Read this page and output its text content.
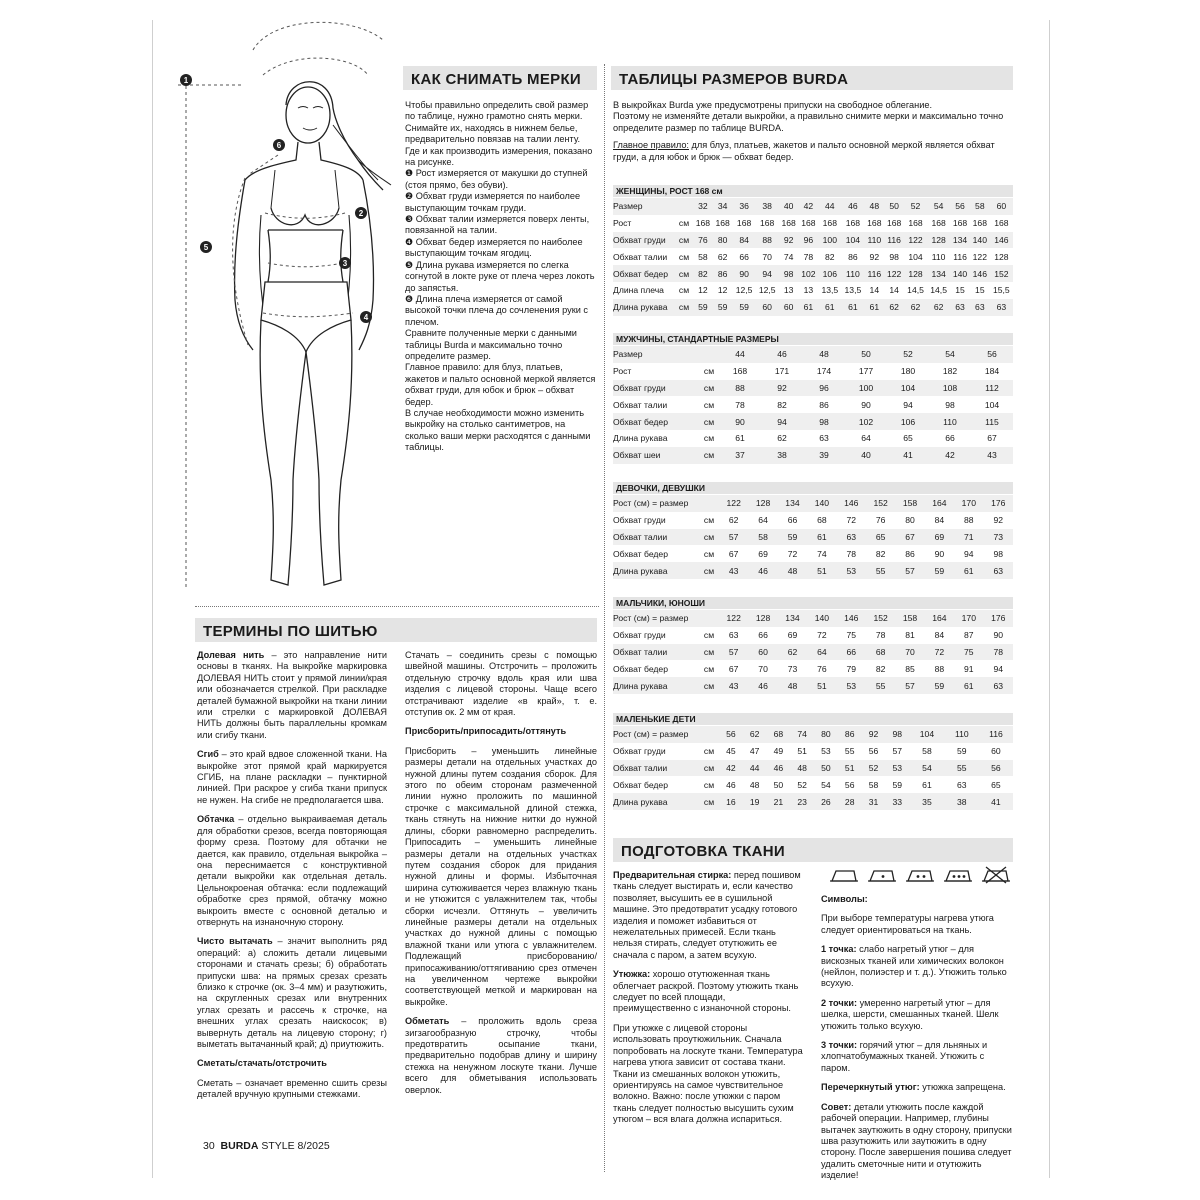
1
2
3
4
5
6
КАК СНИМАТЬ МЕРКИ	ТАБЛИЦЫ РАЗМЕРОВ BURDA
ТЕРМИНЫ ПО ШИТЬЮ
ПОДГОТОВКА ТКАНИ
Чтобы правильно определить свой размер по таблице, нужно грамотно снять мерки. Снимайте их, находясь в нижнем белье, предварительно повязав на талии ленту. Где и как производить измерения, показано на рисунке.
❶ Рост измеряется от макушки до ступней (стоя прямо, без обуви).
❷ Обхват груди измеряется по наиболее выступающим точкам груди.
❸ Обхват талии измеряется поверх ленты, повязанной на талии.
❹ Обхват бедер измеряется по наиболее выступающим точкам ягодиц.
❺ Длина рукава измеряется по слегка согнутой в локте руке от плеча через локоть до запястья.
❻ Длина плеча измеряется от самой высокой точки плеча до сочленения руки с плечом.
Сравните полученные мерки с данными таблицы Burda и максимально точно определите размер.
Главное правило: для блуз, платьев, жакетов и пальто основной меркой является обхват груди, для юбок и брюк – обхват бедер.
В случае необходимости можно изменить выкройку на столько сантиметров, на сколько ваши мерки расходятся с данными таблицы.
В выкройках Burda уже предусмотрены припуски на свободное облегание.
Поэтому не изменяйте детали выкройки, а правильно снимите мерки и максимально точно определите размер по таблице BURDA.
Главное правило: для блуз, платьев, жакетов и пальто основной меркой является обхват груди, а для юбок и брюк — обхват бедер.
ЖЕНЩИНЫ, РОСТ 168 см
Размер		32	34	36	38	40	42	44	46	48	50	52	54	56	58	60
Рост	см	168	168	168	168	168	168	168	168	168	168	168	168	168	168	168
Обхват груди	см	76	80	84	88	92	96	100	104	110	116	122	128	134	140	146
Обхват талии	см	58	62	66	70	74	78	82	86	92	98	104	110	116	122	128
Обхват бедер	см	82	86	90	94	98	102	106	110	116	122	128	134	140	146	152
Длина плеча	см	12	12	12,5	12,5	13	13	13,5	13,5	14	14	14,5	14,5	15	15	15,5
Длина рукава	см	59	59	59	60	60	61	61	61	61	62	62	62	63	63	63
МУЖЧИНЫ, СТАНДАРТНЫЕ РАЗМЕРЫ
Размер		44	46	48	50	52	54	56
Рост	см	168	171	174	177	180	182	184
Обхват груди	см	88	92	96	100	104	108	112
Обхват талии	см	78	82	86	90	94	98	104
Обхват бедер	см	90	94	98	102	106	110	115
Длина рукава	см	61	62	63	64	65	66	67
Обхват шеи	см	37	38	39	40	41	42	43
ДЕВОЧКИ, ДЕВУШКИ
Рост (см) = размер		122	128	134	140	146	152	158	164	170	176
Обхват груди	см	62	64	66	68	72	76	80	84	88	92
Обхват талии	см	57	58	59	61	63	65	67	69	71	73
Обхват бедер	см	67	69	72	74	78	82	86	90	94	98
Длина рукава	см	43	46	48	51	53	55	57	59	61	63
МАЛЬЧИКИ, ЮНОШИ
Рост (см) = размер		122	128	134	140	146	152	158	164	170	176
Обхват груди	см	63	66	69	72	75	78	81	84	87	90
Обхват талии	см	57	60	62	64	66	68	70	72	75	78
Обхват бедер	см	67	70	73	76	79	82	85	88	91	94
Длина рукава	см	43	46	48	51	53	55	57	59	61	63
МАЛЕНЬКИЕ ДЕТИ
Рост (см) = размер		56	62	68	74	80	86	92	98	104	110	116
Обхват груди	см	45	47	49	51	53	55	56	57	58	59	60
Обхват талии	см	42	44	46	48	50	51	52	53	54	55	56
Обхват бедер	см	46	48	50	52	54	56	58	59	61	63	65
Длина рукава	см	16	19	21	23	26	28	31	33	35	38	41
Долевая нить – это направление нити основы в тканях. На выкройке маркировка ДОЛЕВАЯ НИТЬ стоит у прямой линии/края или обозначается стрелкой. При раскладке деталей бумажной выкройки на ткани линии или стрелки с маркировкой ДОЛЕВАЯ НИТЬ должны быть параллельны кромкам или сгибу ткани.
Сгиб – это край вдвое сложенной ткани. На выкройке этот прямой край маркируется СГИБ, на плане раскладки – пунктирной линией. При раскрое у сгиба ткани припуск не нужен. На сгибе не предполагается шва.
Обтачка – отдельно выкраиваемая деталь для обработки срезов, всегда повторяющая форму среза. Поэтому для обтачки не дается, как правило, отдельная выкройка – она переснимается с конструктивной детали выкройки как отдельная деталь. Цельнокроеная обтачка: если подлежащий обработке срез прямой, обтачку можно выкроить вместе с основной деталью и отвернуть на изнаночную сторону.
Чисто вытачать – значит выполнить ряд операций: а) сложить детали лицевыми сторонами и стачать срезы; б) обработать припуски шва: на прямых срезах срезать близко к строчке (ок. 3–4 мм) и разутюжить, на скругленных срезах или внутренних углах срезать и рассечь к строчке, на внешних углах срезать наискосок; в) вывернуть деталь на лицевую сторону; г) выметать вытачанный край; д) приутюжить.
Сметать/стачать/отстрочить
Сметать – означает временно сшить срезы деталей вручную крупными стежками.
Стачать – соединить срезы с помощью швейной машины. Отстрочить – проложить отдельную строчку вдоль края или шва изделия с лицевой стороны. Чаще всего отстрачивают изделие «в край», т. е. отступив ок. 2 мм от края.
Присборить/припосадить/оттянуть
Присборить – уменьшить линейные размеры детали на отдельных участках до нужной длины путем создания сборок. Для этого по обеим сторонам размеченной линии нужно проложить по машинной строчке с максимальной длиной стежка, ткань стянуть на нижние нитки до нужной длины, сборки равномерно распределить. Припосадить – уменьшить линейные размеры детали на отдельных участках путем создания сборок для придания нужной длины и формы. Избыточная ширина сутюживается через влажную ткань и не утюжится с увлажнителем так, чтобы сборки исчезли. Оттянуть – увеличить линейные размеры детали на отдельных участках до нужной длины с помощью влажной ткани или утюга с увлажнителем. Подлежащий присборованию/припосаживанию/оттягиванию срез отмечен на увеличенном чертеже выкройки соответствующей меткой и маркирован на выкройке.
Обметать – проложить вдоль среза зигзагообразную строчку, чтобы предотвратить осыпание ткани, предварительно подобрав длину и ширину стежка на ненужном лоскуте ткани. Лучше всего для обметывания использовать оверлок.
Предварительная стирка: перед пошивом ткань следует выстирать и, если качество позволяет, высушить ее в сушильной машине. Это предотвратит усадку готового изделия и поможет избавиться от нежелательных примесей. Если ткань нельзя стирать, следует отутюжить ее сначала с паром, а затем всухую.
Утюжка: хорошо отутюженная ткань облегчает раскрой. Поэтому утюжить ткань следует по всей площади, преимущественно с изнаночной стороны.
При утюжке с лицевой стороны использовать проутюжильник. Сначала попробовать на лоскуте ткани. Температура нагрева утюга зависит от состава ткани. Ткани из смешанных волокон утюжить, ориентируясь на самое чувствительное волокно. Важно: после утюжки с паром ткань следует полностью высушить сухим утюгом – вся влага должна испариться.
Символы:
При выборе температуры нагрева утюга следует ориентироваться на ткань.
1 точка: слабо нагретый утюг – для вискозных тканей или химических волокон (нейлон, полиэстер и т. д.). Утюжить только всухую.
2 точки: умеренно нагретый утюг – для шелка, шерсти, смешанных тканей. Шелк утюжить только всухую.
3 точки: горячий утюг – для льняных и хлопчатобумажных тканей. Утюжить с паром.
Перечеркнутый утюг: утюжка запрещена.
Совет: детали утюжить после каждой рабочей операции. Например, глубины вытачек заутюжить в одну сторону, припуски шва разутюжить или заутюжить в одну сторону. После завершения пошива следует удалить сметочные нити и отутюжить изделие!
30 BURDA STYLE 8/2025
